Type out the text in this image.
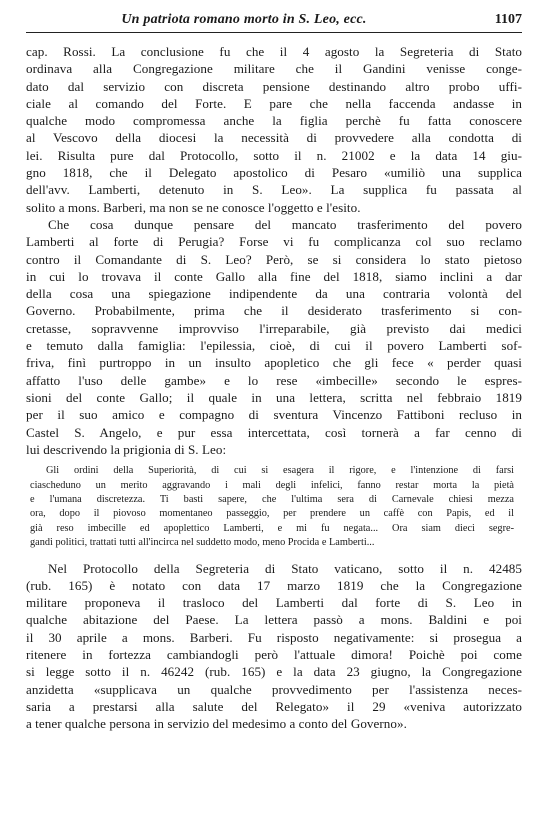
Un patriota romano morto in S. Leo, ecc.	1107

cap. Rossi. La conclusione fu che il 4 agosto la Segreteria di Stato
ordinava alla Congregazione militare che il Gandini venisse conge-
dato dal servizio con discreta pensione destinando altro probo uffi-
ciale al comando del Forte. E pare che nella faccenda andasse in
qualche modo compromessa anche la figlia perchè fu fatta conoscere
al Vescovo della diocesi la necessità di provvedere alla condotta di
lei. Risulta pure dal Protocollo, sotto il n. 21002 e la data 14 giu-
gno 1818, che il Delegato apostolico di Pesaro «umiliò una supplica
dell'avv. Lamberti, detenuto in S. Leo». La supplica fu passata al
solito a mons. Barberi, ma non se ne conosce l'oggetto e l'esito.

Che cosa dunque pensare del mancato trasferimento del povero
Lamberti al forte di Perugia? Forse vi fu complicanza col suo reclamo
contro il Comandante di S. Leo? Però, se si considera lo stato pietoso
in cui lo trovava il conte Gallo alla fine del 1818, siamo inclini a dar
della cosa una spiegazione indipendente da una contraria volontà del
Governo. Probabilmente, prima che il desiderato trasferimento si con-
cretasse, sopravvenne improvviso l'irreparabile, già previsto dai medici
e temuto dalla famiglia: l'epilessia, cioè, di cui il povero Lamberti sof-
friva, finì purtroppo in un insulto apopletico che gli fece « perder quasi
affatto l'uso delle gambe» e lo rese «imbecille» secondo le espres-
sioni del conte Gallo; il quale in una lettera, scritta nel febbraio 1819
per il suo amico e compagno di sventura Vincenzo Fattiboni recluso in
Castel S. Angelo, e pur essa intercettata, così tornerà a far cenno di
lui descrivendo la prigionia di S. Leo:

Gli ordini della Superiorità, di cui si esagera il rigore, e l'intenzione di farsi
ciascheduno un merito aggravando i mali degli infelici, fanno restar morta la pietà
e l'umana discretezza. Ti basti sapere, che l'ultima sera di Carnevale chiesi mezza
ora, dopo il piovoso momentaneo passeggio, per prendere un caffè con Papis, ed il
già reso imbecille ed apoplettico Lamberti, e mi fu negata... Ora siam dieci segre-
gandi politici, trattati tutti all'incirca nel suddetto modo, meno Procida e Lamberti...

Nel Protocollo della Segreteria di Stato vaticano, sotto il n. 42485
(rub. 165) è notato con data 17 marzo 1819 che la Congregazione
militare proponeva il trasloco del Lamberti dal forte di S. Leo in
qualche abitazione del Paese. La lettera passò a mons. Baldini e poi
il 30 aprile a mons. Barberi. Fu risposto negativamente: si prosegua a
ritenere in fortezza cambiandogli però l'attuale dimora! Poichè poi come
si legge sotto il n. 46242 (rub. 165) e la data 23 giugno, la Congregazione
anzidetta «supplicava un qualche provvedimento per l'assistenza neces-
saria a prestarsi alla salute del Relegato» il 29 «veniva autorizzato
a tener qualche persona in servizio del medesimo a conto del Governo».
